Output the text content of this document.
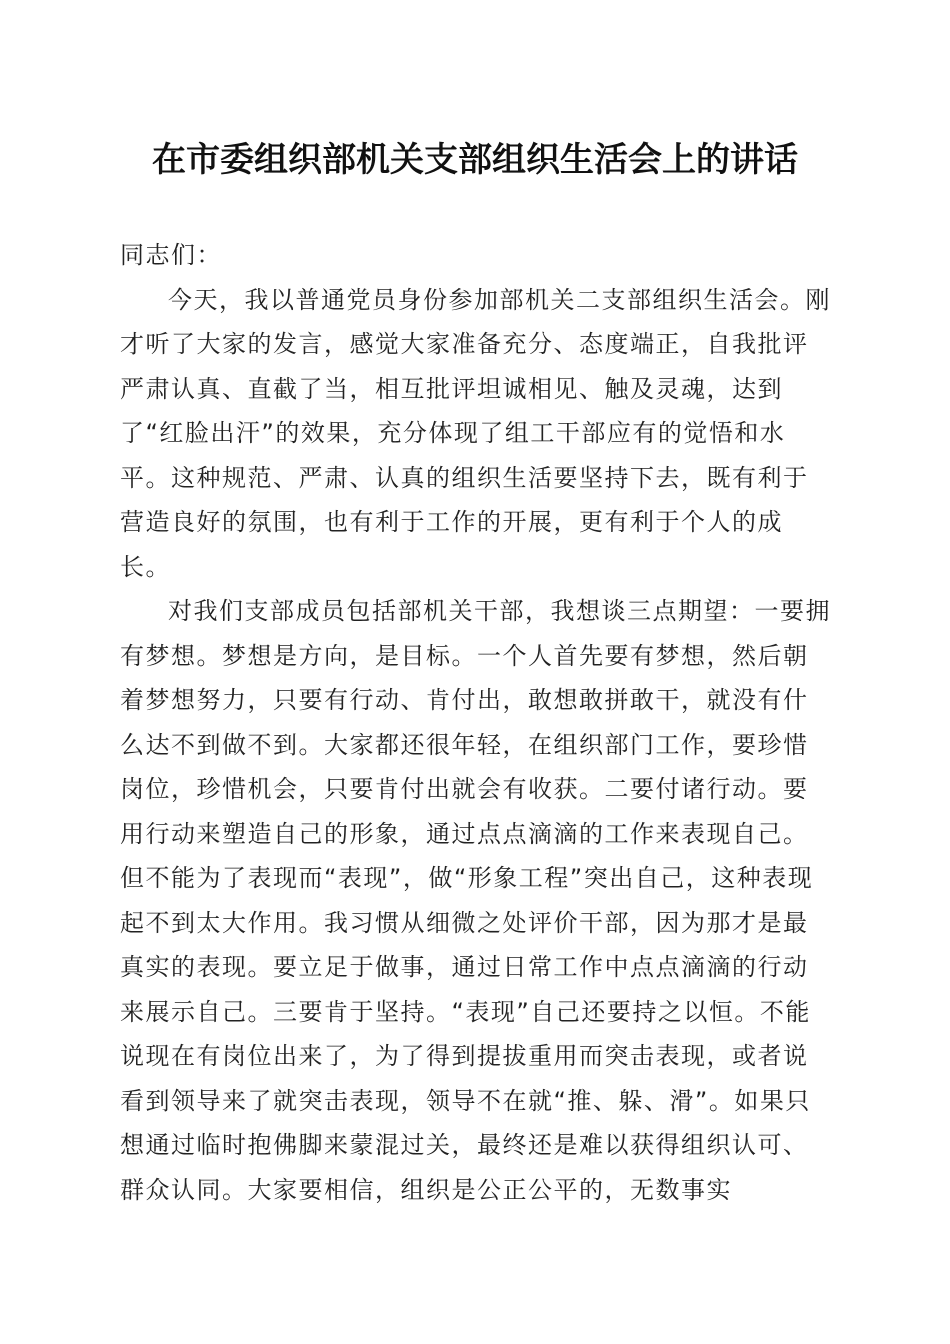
在市委组织部机关支部组织生活会上的讲话

同志们：

今天，我以普通党员身份参加部机关二支部组织生活会。刚才听了大家的发言，感觉大家准备充分、态度端正，自我批评严肃认真、直截了当，相互批评坦诚相见、触及灵魂，达到了“红脸出汗”的效果，充分体现了组工干部应有的觉悟和水平。这种规范、严肃、认真的组织生活要坚持下去，既有利于营造良好的氛围，也有利于工作的开展，更有利于个人的成长。

对我们支部成员包括部机关干部，我想谈三点期望：一要拥有梦想。梦想是方向，是目标。一个人首先要有梦想，然后朝着梦想努力，只要有行动、肯付出，敢想敢拼敢干，就没有什么达不到做不到。大家都还很年轻，在组织部门工作，要珍惜岗位，珍惜机会，只要肯付出就会有收获。二要付诸行动。要用行动来塑造自己的形象，通过点点滴滴的工作来表现自己。但不能为了表现而“表现”，做“形象工程”突出自己，这种表现起不到太大作用。我习惯从细微之处评价干部，因为那才是最真实的表现。要立足于做事，通过日常工作中点点滴滴的行动来展示自己。三要肯于坚持。“表现”自己还要持之以恒。不能说现在有岗位出来了，为了得到提拔重用而突击表现，或者说看到领导来了就突击表现，领导不在就“推、躲、滑”。如果只想通过临时抱佛脚来蒙混过关，最终还是难以获得组织认可、群众认同。大家要相信，组织是公正公平的，无数事实
